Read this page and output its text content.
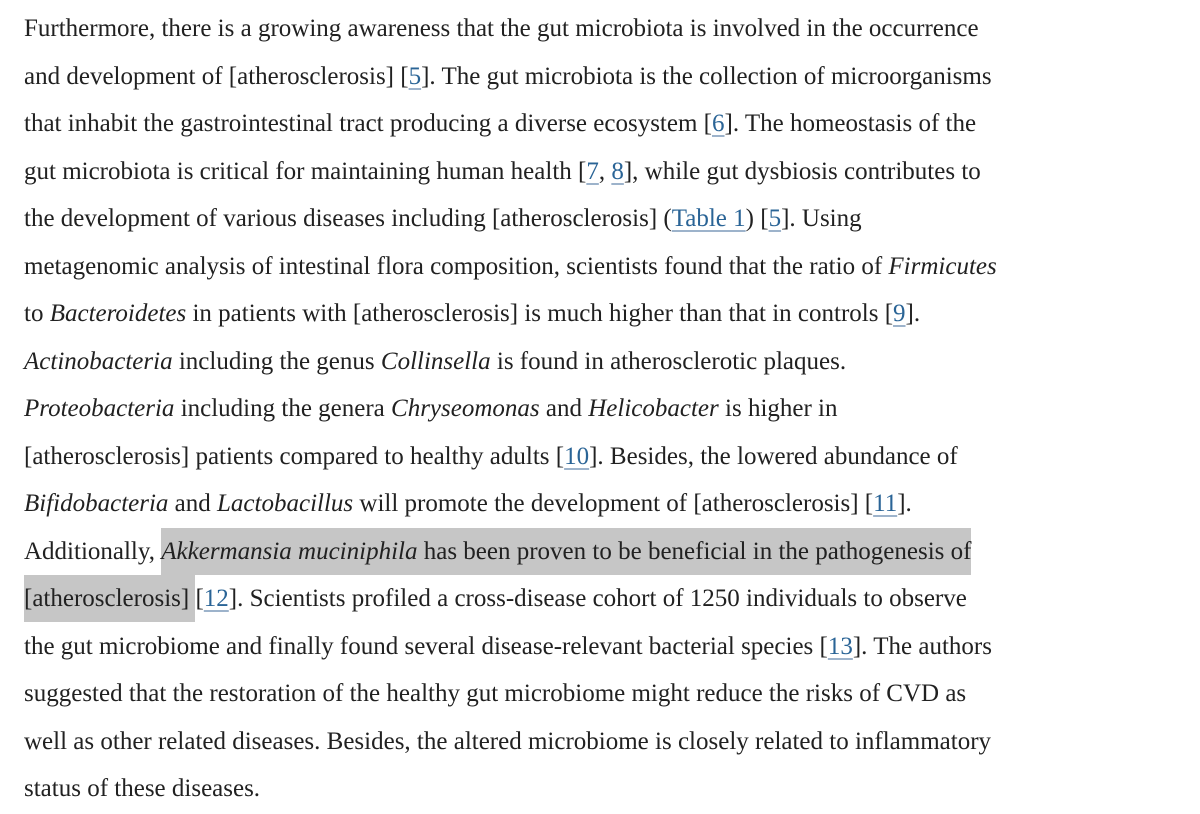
Furthermore, there is a growing awareness that the gut microbiota is involved in the occurrence
and development of [atherosclerosis] [5]. The gut microbiota is the collection of microorganisms
that inhabit the gastrointestinal tract producing a diverse ecosystem [6]. The homeostasis of the
gut microbiota is critical for maintaining human health [7, 8], while gut dysbiosis contributes to
the development of various diseases including [atherosclerosis] (Table 1) [5]. Using
metagenomic analysis of intestinal flora composition, scientists found that the ratio of Firmicutes
to Bacteroidetes in patients with [atherosclerosis] is much higher than that in controls [9].
Actinobacteria including the genus Collinsella is found in atherosclerotic plaques.
Proteobacteria including the genera Chryseomonas and Helicobacter is higher in
[atherosclerosis] patients compared to healthy adults [10]. Besides, the lowered abundance of
Bifidobacteria and Lactobacillus will promote the development of [atherosclerosis] [11].
Additionally, Akkermansia muciniphila has been proven to be beneficial in the pathogenesis of
[atherosclerosis] [12]. Scientists profiled a cross-disease cohort of 1250 individuals to observe
the gut microbiome and finally found several disease-relevant bacterial species [13]. The authors
suggested that the restoration of the healthy gut microbiome might reduce the risks of CVD as
well as other related diseases. Besides, the altered microbiome is closely related to inflammatory
status of these diseases.
